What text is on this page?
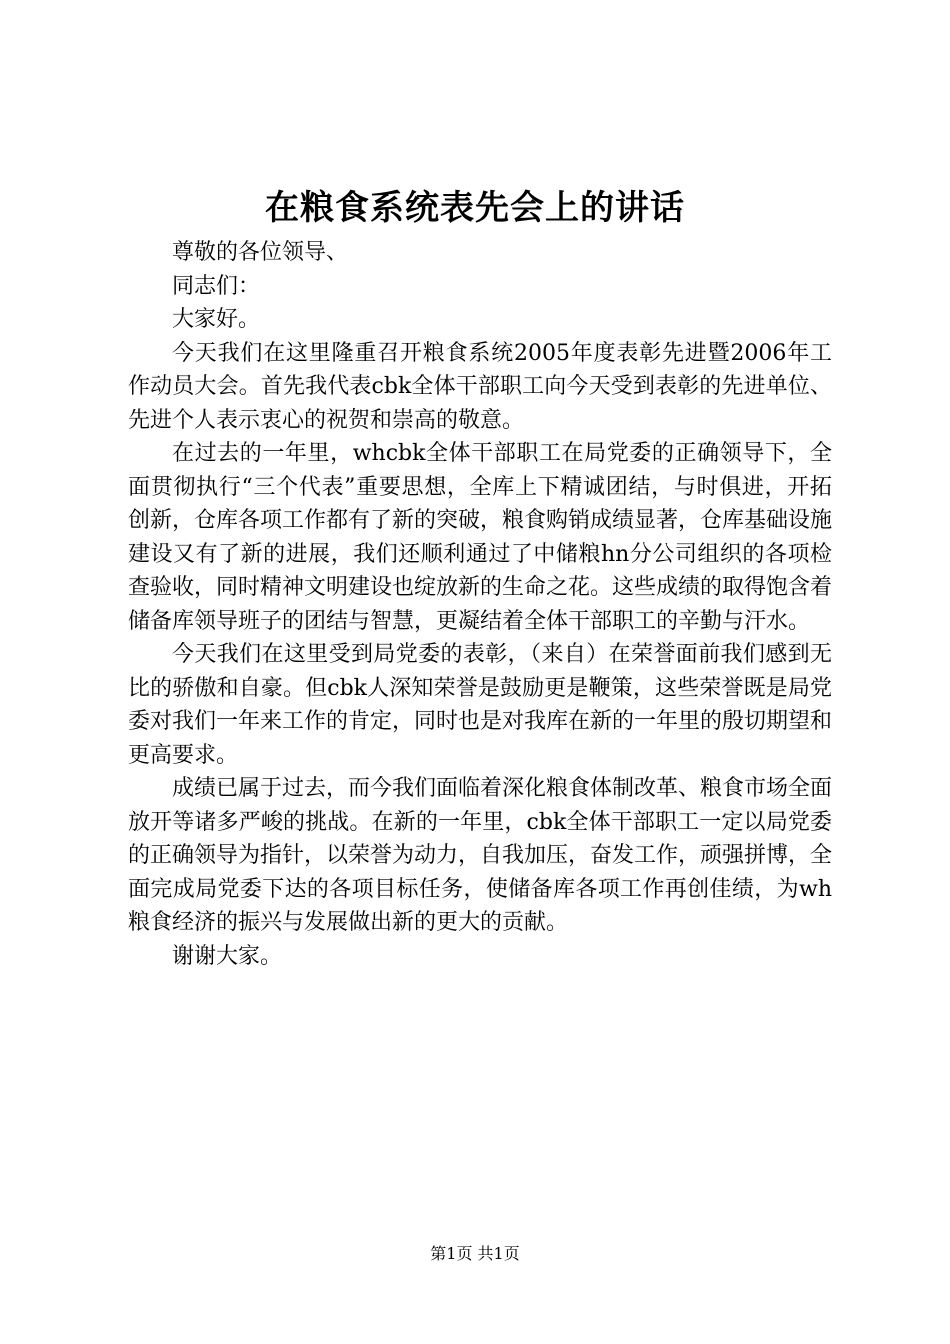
在粮食系统表先会上的讲话

尊敬的各位领导、

同志们：

大家好。

今天我们在这里隆重召开粮食系统2005年度表彰先进暨2006年工作动员大会。首先我代表cbk全体干部职工向今天受到表彰的先进单位、先进个人表示衷心的祝贺和崇高的敬意。

在过去的一年里，whcbk全体干部职工在局党委的正确领导下，全面贯彻执行“三个代表”重要思想，全库上下精诚团结，与时俱进，开拓创新，仓库各项工作都有了新的突破，粮食购销成绩显著，仓库基础设施建设又有了新的进展，我们还顺利通过了中储粮hn分公司组织的各项检查验收，同时精神文明建设也绽放新的生命之花。这些成绩的取得饱含着储备库领导班子的团结与智慧，更凝结着全体干部职工的辛勤与汗水。

今天我们在这里受到局党委的表彰，（来自）在荣誉面前我们感到无比的骄傲和自豪。但cbk人深知荣誉是鼓励更是鞭策，这些荣誉既是局党委对我们一年来工作的肯定，同时也是对我库在新的一年里的殷切期望和更高要求。

成绩已属于过去，而今我们面临着深化粮食体制改革、粮食市场全面放开等诸多严峻的挑战。在新的一年里，cbk全体干部职工一定以局党委的正确领导为指针，以荣誉为动力，自我加压，奋发工作，顽强拼博，全面完成局党委下达的各项目标任务，使储备库各项工作再创佳绩，为wh粮食经济的振兴与发展做出新的更大的贡献。

谢谢大家。

第1页 共1页
